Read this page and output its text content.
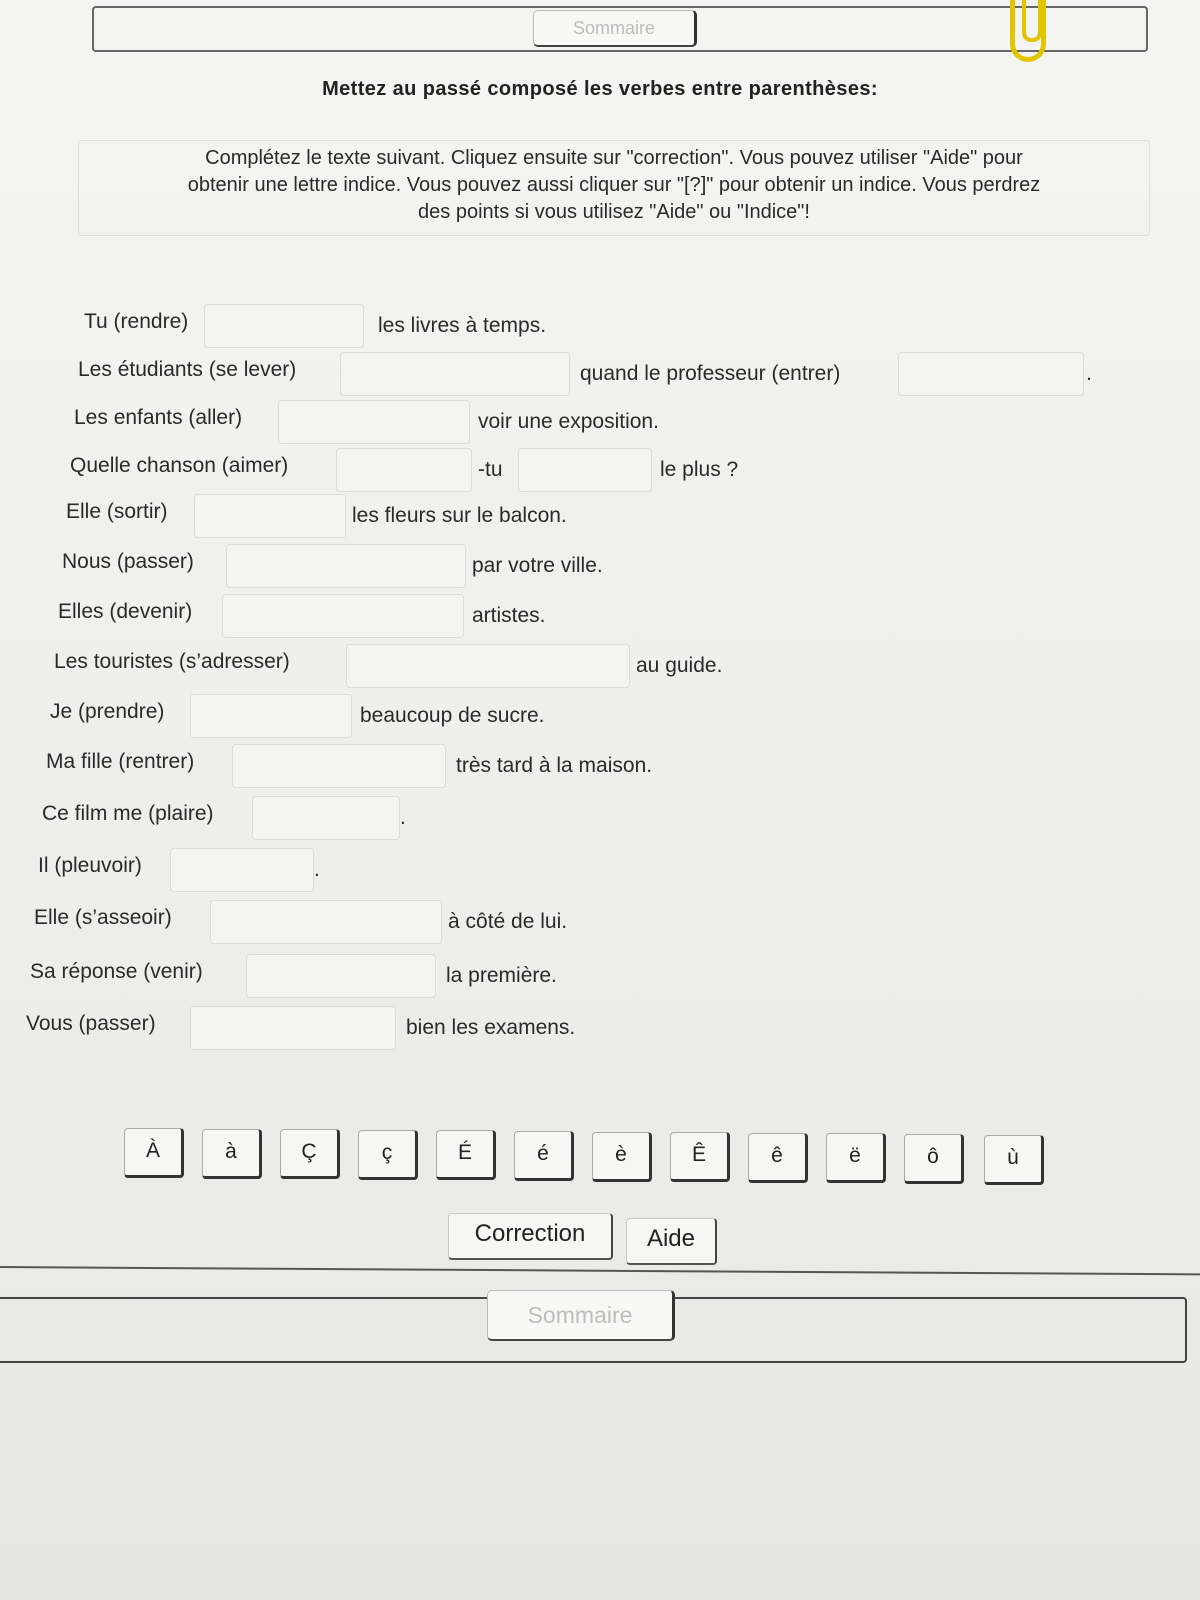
Sommaire
Mettez au passé composé les verbes entre parenthèses:
Complétez le texte suivant. Cliquez ensuite sur "correction". Vous pouvez utiliser "Aide" pour
obtenir une lettre indice. Vous pouvez aussi cliquer sur "[?]" pour obtenir un indice. Vous perdrez
des points si vous utilisez "Aide" ou "Indice"!
Tu (rendre)	les livres à temps.
Les étudiants (se lever)	quand le professeur (entrer)	.
Les enfants (aller)	voir une exposition.
Quelle chanson (aimer)	-tu	le plus ?
Elle (sortir)	les fleurs sur le balcon.
Nous (passer)	par votre ville.
Elles (devenir)	artistes.
Les touristes (s’adresser)	au guide.
Je (prendre)	beaucoup de sucre.
Ma fille (rentrer)	très tard à la maison.
Ce film me (plaire)	.
Il (pleuvoir)	.
Elle (s’asseoir)	à côté de lui.
Sa réponse (venir)	la première.
Vous (passer)	bien les examens.
À	à	Ç	ç	É	é	è	Ê	ê	ë	ô	ù
Correction	Aide
Sommaire
